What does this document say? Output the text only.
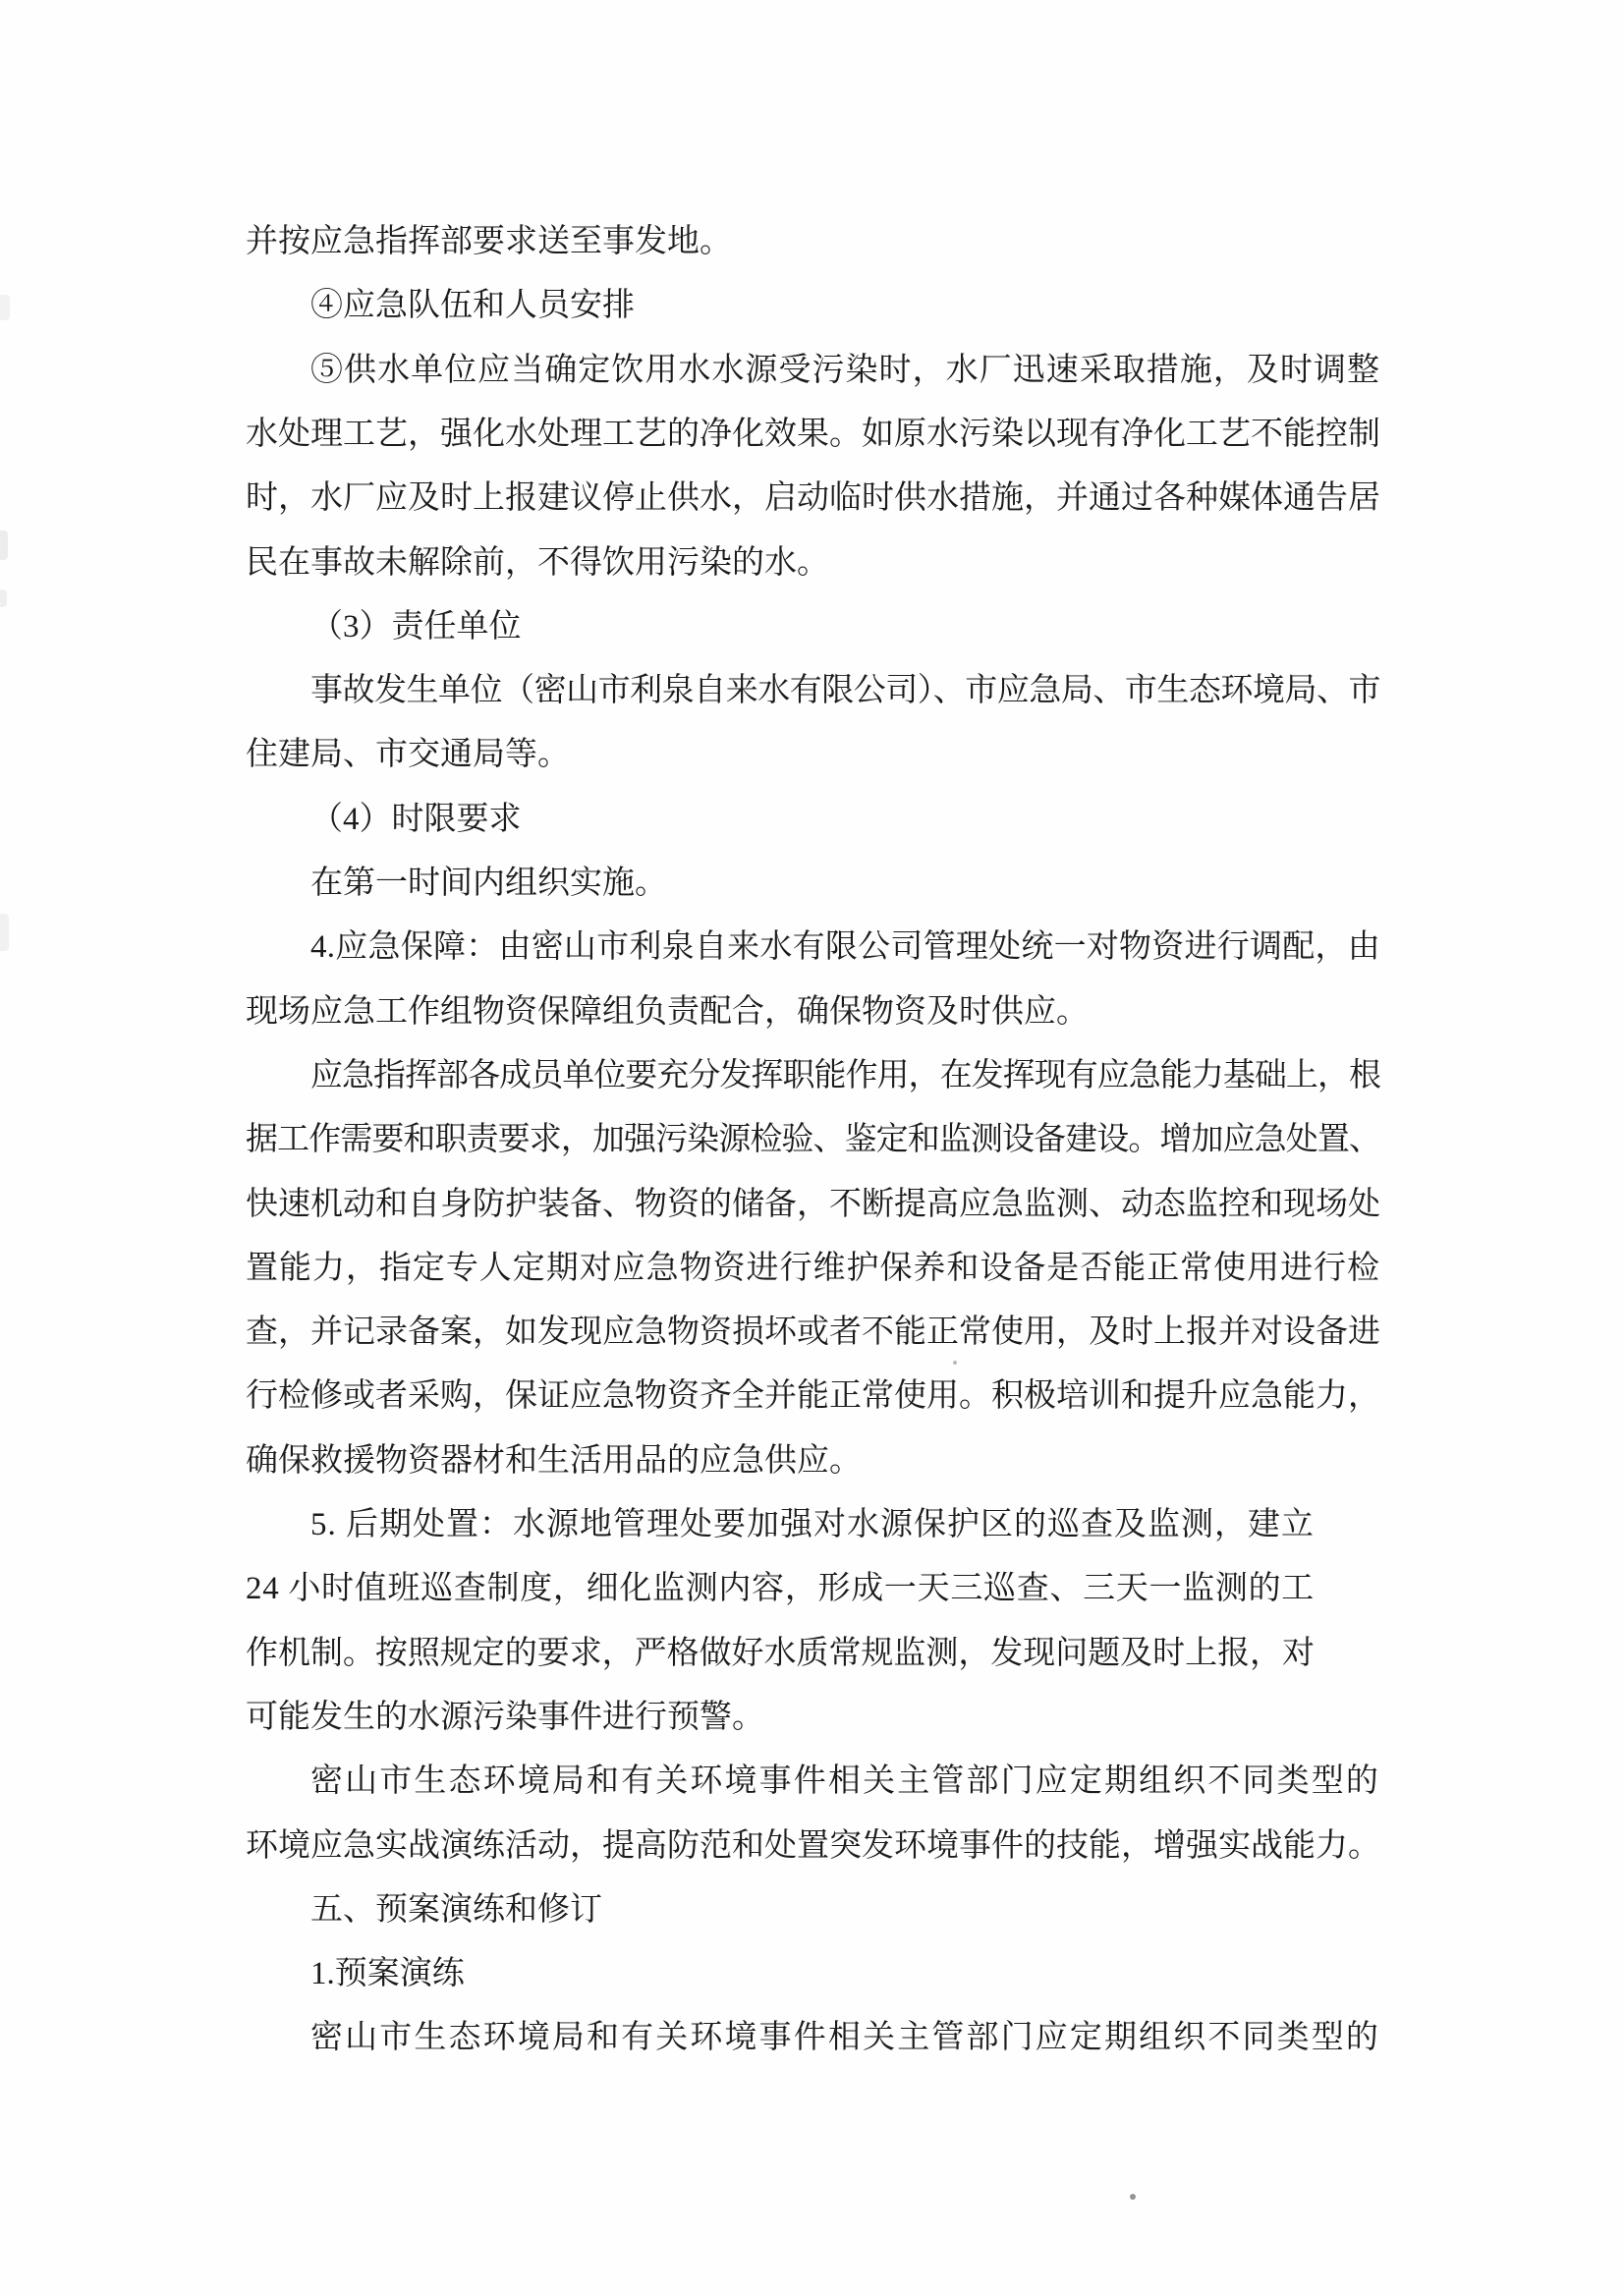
并按应急指挥部要求送至事发地。
④应急队伍和人员安排
⑤供水单位应当确定饮用水水源受污染时，水厂迅速采取措施，及时调整
水处理工艺，强化水处理工艺的净化效果。如原水污染以现有净化工艺不能控制
时，水厂应及时上报建议停止供水，启动临时供水措施，并通过各种媒体通告居
民在事故未解除前，不得饮用污染的水。
（3）责任单位
事故发生单位（密山市利泉自来水有限公司）、市应急局、市生态环境局、市
住建局、市交通局等。
（4）时限要求
在第一时间内组织实施。
4.应急保障：由密山市利泉自来水有限公司管理处统一对物资进行调配，由
现场应急工作组物资保障组负责配合，确保物资及时供应。
应急指挥部各成员单位要充分发挥职能作用，在发挥现有应急能力基础上，根
据工作需要和职责要求，加强污染源检验、鉴定和监测设备建设。增加应急处置、
快速机动和自身防护装备、物资的储备，不断提高应急监测、动态监控和现场处
置能力，指定专人定期对应急物资进行维护保养和设备是否能正常使用进行检
查，并记录备案，如发现应急物资损坏或者不能正常使用，及时上报并对设备进
行检修或者采购，保证应急物资齐全并能正常使用。积极培训和提升应急能力，
确保救援物资器材和生活用品的应急供应。
5. 后期处置：水源地管理处要加强对水源保护区的巡查及监测，建立
24 小时值班巡查制度，细化监测内容，形成一天三巡查、三天一监测的工
作机制。按照规定的要求，严格做好水质常规监测，发现问题及时上报，对
可能发生的水源污染事件进行预警。
密山市生态环境局和有关环境事件相关主管部门应定期组织不同类型的
环境应急实战演练活动，提高防范和处置突发环境事件的技能，增强实战能力。
五、预案演练和修订
1.预案演练
密山市生态环境局和有关环境事件相关主管部门应定期组织不同类型的
